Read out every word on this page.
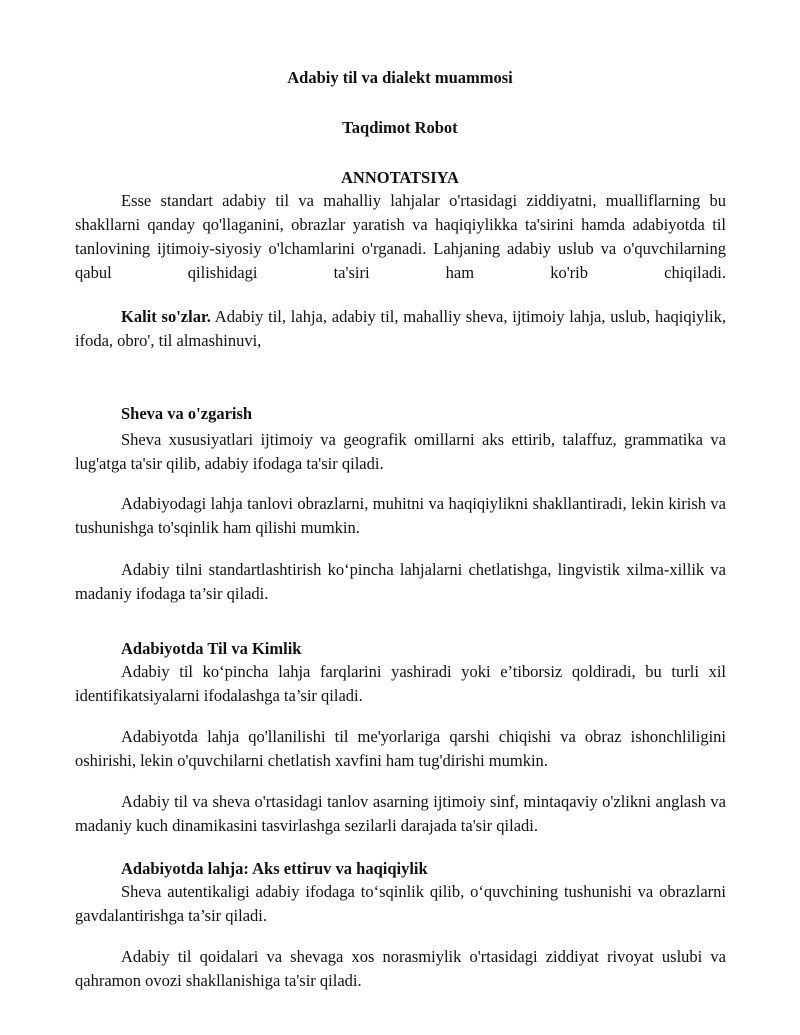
Adabiy til va dialekt muammosi

Taqdimot Robot

ANNOTATSIYA

Esse standart adabiy til va mahalliy lahjalar o'rtasidagi ziddiyatni, mualliflarning bu shakllarni qanday qo'llaganini, obrazlar yaratish va haqiqiylikka ta'sirini hamda adabiyotda til tanlovining ijtimoiy-siyosiy o'lchamlarini o'rganadi. Lahjaning adabiy uslub va o'quvchilarning qabul qilishidagi ta'siri ham ko'rib chiqiladi.

Kalit so'zlar. Adabiy til, lahja, adabiy til, mahalliy sheva, ijtimoiy lahja, uslub, haqiqiylik, ifoda, obro', til almashinuvi,

Sheva va o'zgarish

Sheva xususiyatlari ijtimoiy va geografik omillarni aks ettirib, talaffuz, grammatika va lug'atga ta'sir qilib, adabiy ifodaga ta'sir qiladi.

Adabiyodagi lahja tanlovi obrazlarni, muhitni va haqiqiylikni shakllantiradi, lekin kirish va tushunishga to'sqinlik ham qilishi mumkin.

Adabiy tilni standartlashtirish ko‘pincha lahjalarni chetlatishga, lingvistik xilma-xillik va madaniy ifodaga ta’sir qiladi.

Adabiyotda Til va Kimlik

Adabiy til ko‘pincha lahja farqlarini yashiradi yoki e’tiborsiz qoldiradi, bu turli xil identifikatsiyalarni ifodalashga ta’sir qiladi.

Adabiyotda lahja qo'llanilishi til me'yorlariga qarshi chiqishi va obraz ishonchliligini oshirishi, lekin o'quvchilarni chetlatish xavfini ham tug'dirishi mumkin.

Adabiy til va sheva o'rtasidagi tanlov asarning ijtimoiy sinf, mintaqaviy o'zlikni anglash va madaniy kuch dinamikasini tasvirlashga sezilarli darajada ta'sir qiladi.

Adabiyotda lahja: Aks ettiruv va haqiqiylik

Sheva autentikaligi adabiy ifodaga to‘sqinlik qilib, o‘quvchining tushunishi va obrazlarni gavdalantirishga ta’sir qiladi.

Adabiy til qoidalari va shevaga xos norasmiylik o'rtasidagi ziddiyat rivoyat uslubi va qahramon ovozi shakllanishiga ta'sir qiladi.
